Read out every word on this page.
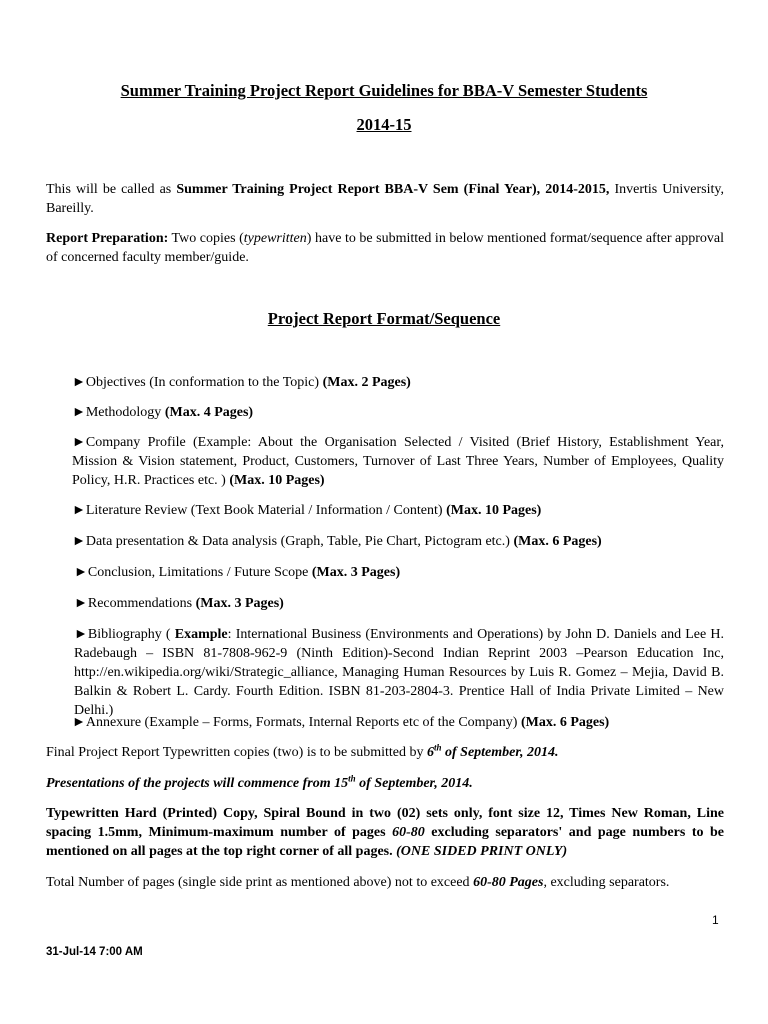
Summer Training Project Report Guidelines for BBA-V Semester Students
2014-15
This will be called as Summer Training Project Report BBA-V Sem (Final Year), 2014-2015, Invertis University, Bareilly.
Report Preparation: Two copies (typewritten) have to be submitted in below mentioned format/sequence after approval of concerned faculty member/guide.
Project Report Format/Sequence
►Objectives (In conformation to the Topic) (Max. 2 Pages)
►Methodology (Max. 4 Pages)
►Company Profile (Example: About the Organisation Selected / Visited (Brief History, Establishment Year, Mission & Vision statement, Product, Customers, Turnover of Last Three Years, Number of Employees, Quality Policy, H.R. Practices etc. ) (Max. 10 Pages)
►Literature Review (Text Book Material / Information / Content) (Max. 10 Pages)
►Data presentation & Data analysis (Graph, Table, Pie Chart, Pictogram etc.) (Max. 6 Pages)
►Conclusion, Limitations / Future Scope (Max. 3 Pages)
►Recommendations (Max. 3 Pages)
►Bibliography ( Example: International Business (Environments and Operations) by John D. Daniels and Lee H. Radebaugh – ISBN 81-7808-962-9 (Ninth Edition)-Second Indian Reprint 2003 –Pearson Education Inc, http://en.wikipedia.org/wiki/Strategic_alliance, Managing Human Resources by Luis R. Gomez – Mejia, David B. Balkin & Robert L. Cardy. Fourth Edition. ISBN 81-203-2804-3. Prentice Hall of India Private Limited – New Delhi.)
►Annexure (Example – Forms, Formats, Internal Reports etc of the Company) (Max. 6 Pages)
Final Project Report Typewritten copies (two) is to be submitted by 6th of September, 2014.
Presentations of the projects will commence from 15th of September, 2014.
Typewritten Hard (Printed) Copy, Spiral Bound in two (02) sets only, font size 12, Times New Roman, Line spacing 1.5mm, Minimum-maximum number of pages 60-80 excluding separators' and page numbers to be mentioned on all pages at the top right corner of all pages. (ONE SIDED PRINT ONLY)
Total Number of pages (single side print as mentioned above) not to exceed 60-80 Pages, excluding separators.
1
31-Jul-14 7:00 AM
